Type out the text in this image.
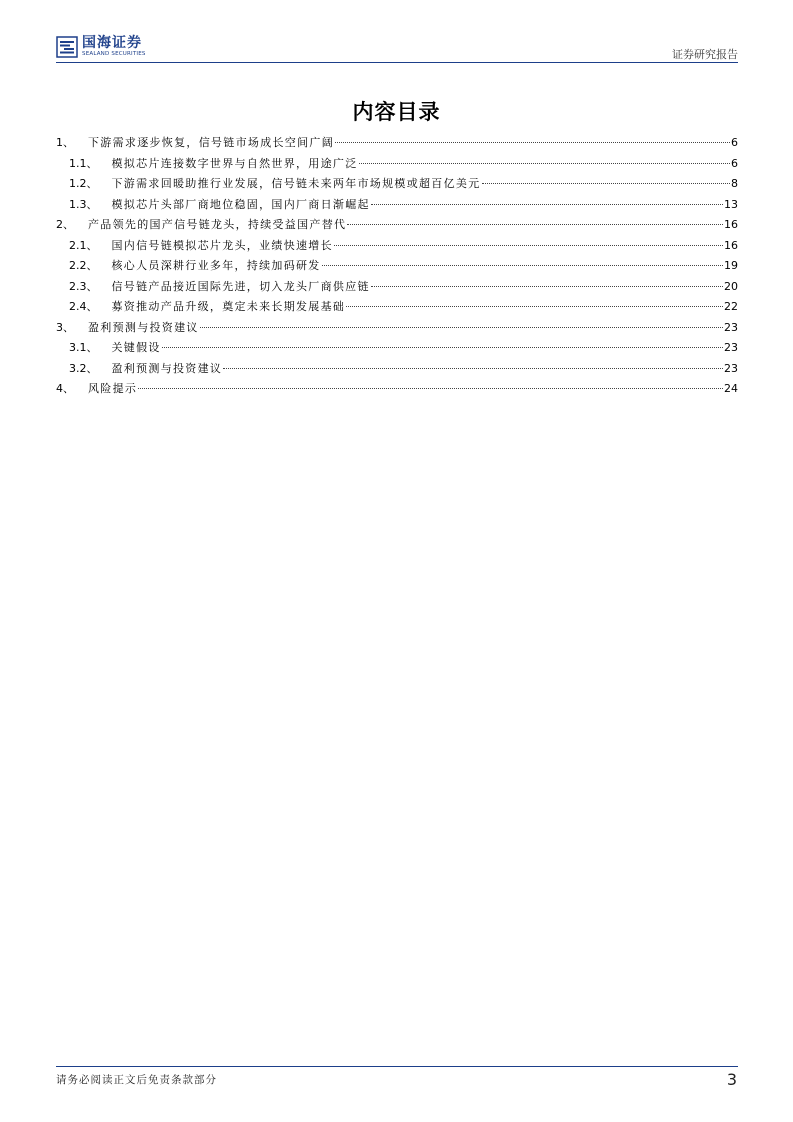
国海证券
SEALAND SECURITIES	证券研究报告
内容目录
1、 下游需求逐步恢复，信号链市场成长空间广阔	6
1.1、 模拟芯片连接数字世界与自然世界，用途广泛	6
1.2、 下游需求回暖助推行业发展，信号链未来两年市场规模或超百亿美元	8
1.3、 模拟芯片头部厂商地位稳固，国内厂商日渐崛起	13
2、 产品领先的国产信号链龙头，持续受益国产替代	16
2.1、 国内信号链模拟芯片龙头，业绩快速增长	16
2.2、 核心人员深耕行业多年，持续加码研发	19
2.3、 信号链产品接近国际先进，切入龙头厂商供应链	20
2.4、 募资推动产品升级，奠定未来长期发展基础	22
3、 盈利预测与投资建议	23
3.1、 关键假设	23
3.2、 盈利预测与投资建议	23
4、 风险提示	24
请务必阅读正文后免责条款部分	3
